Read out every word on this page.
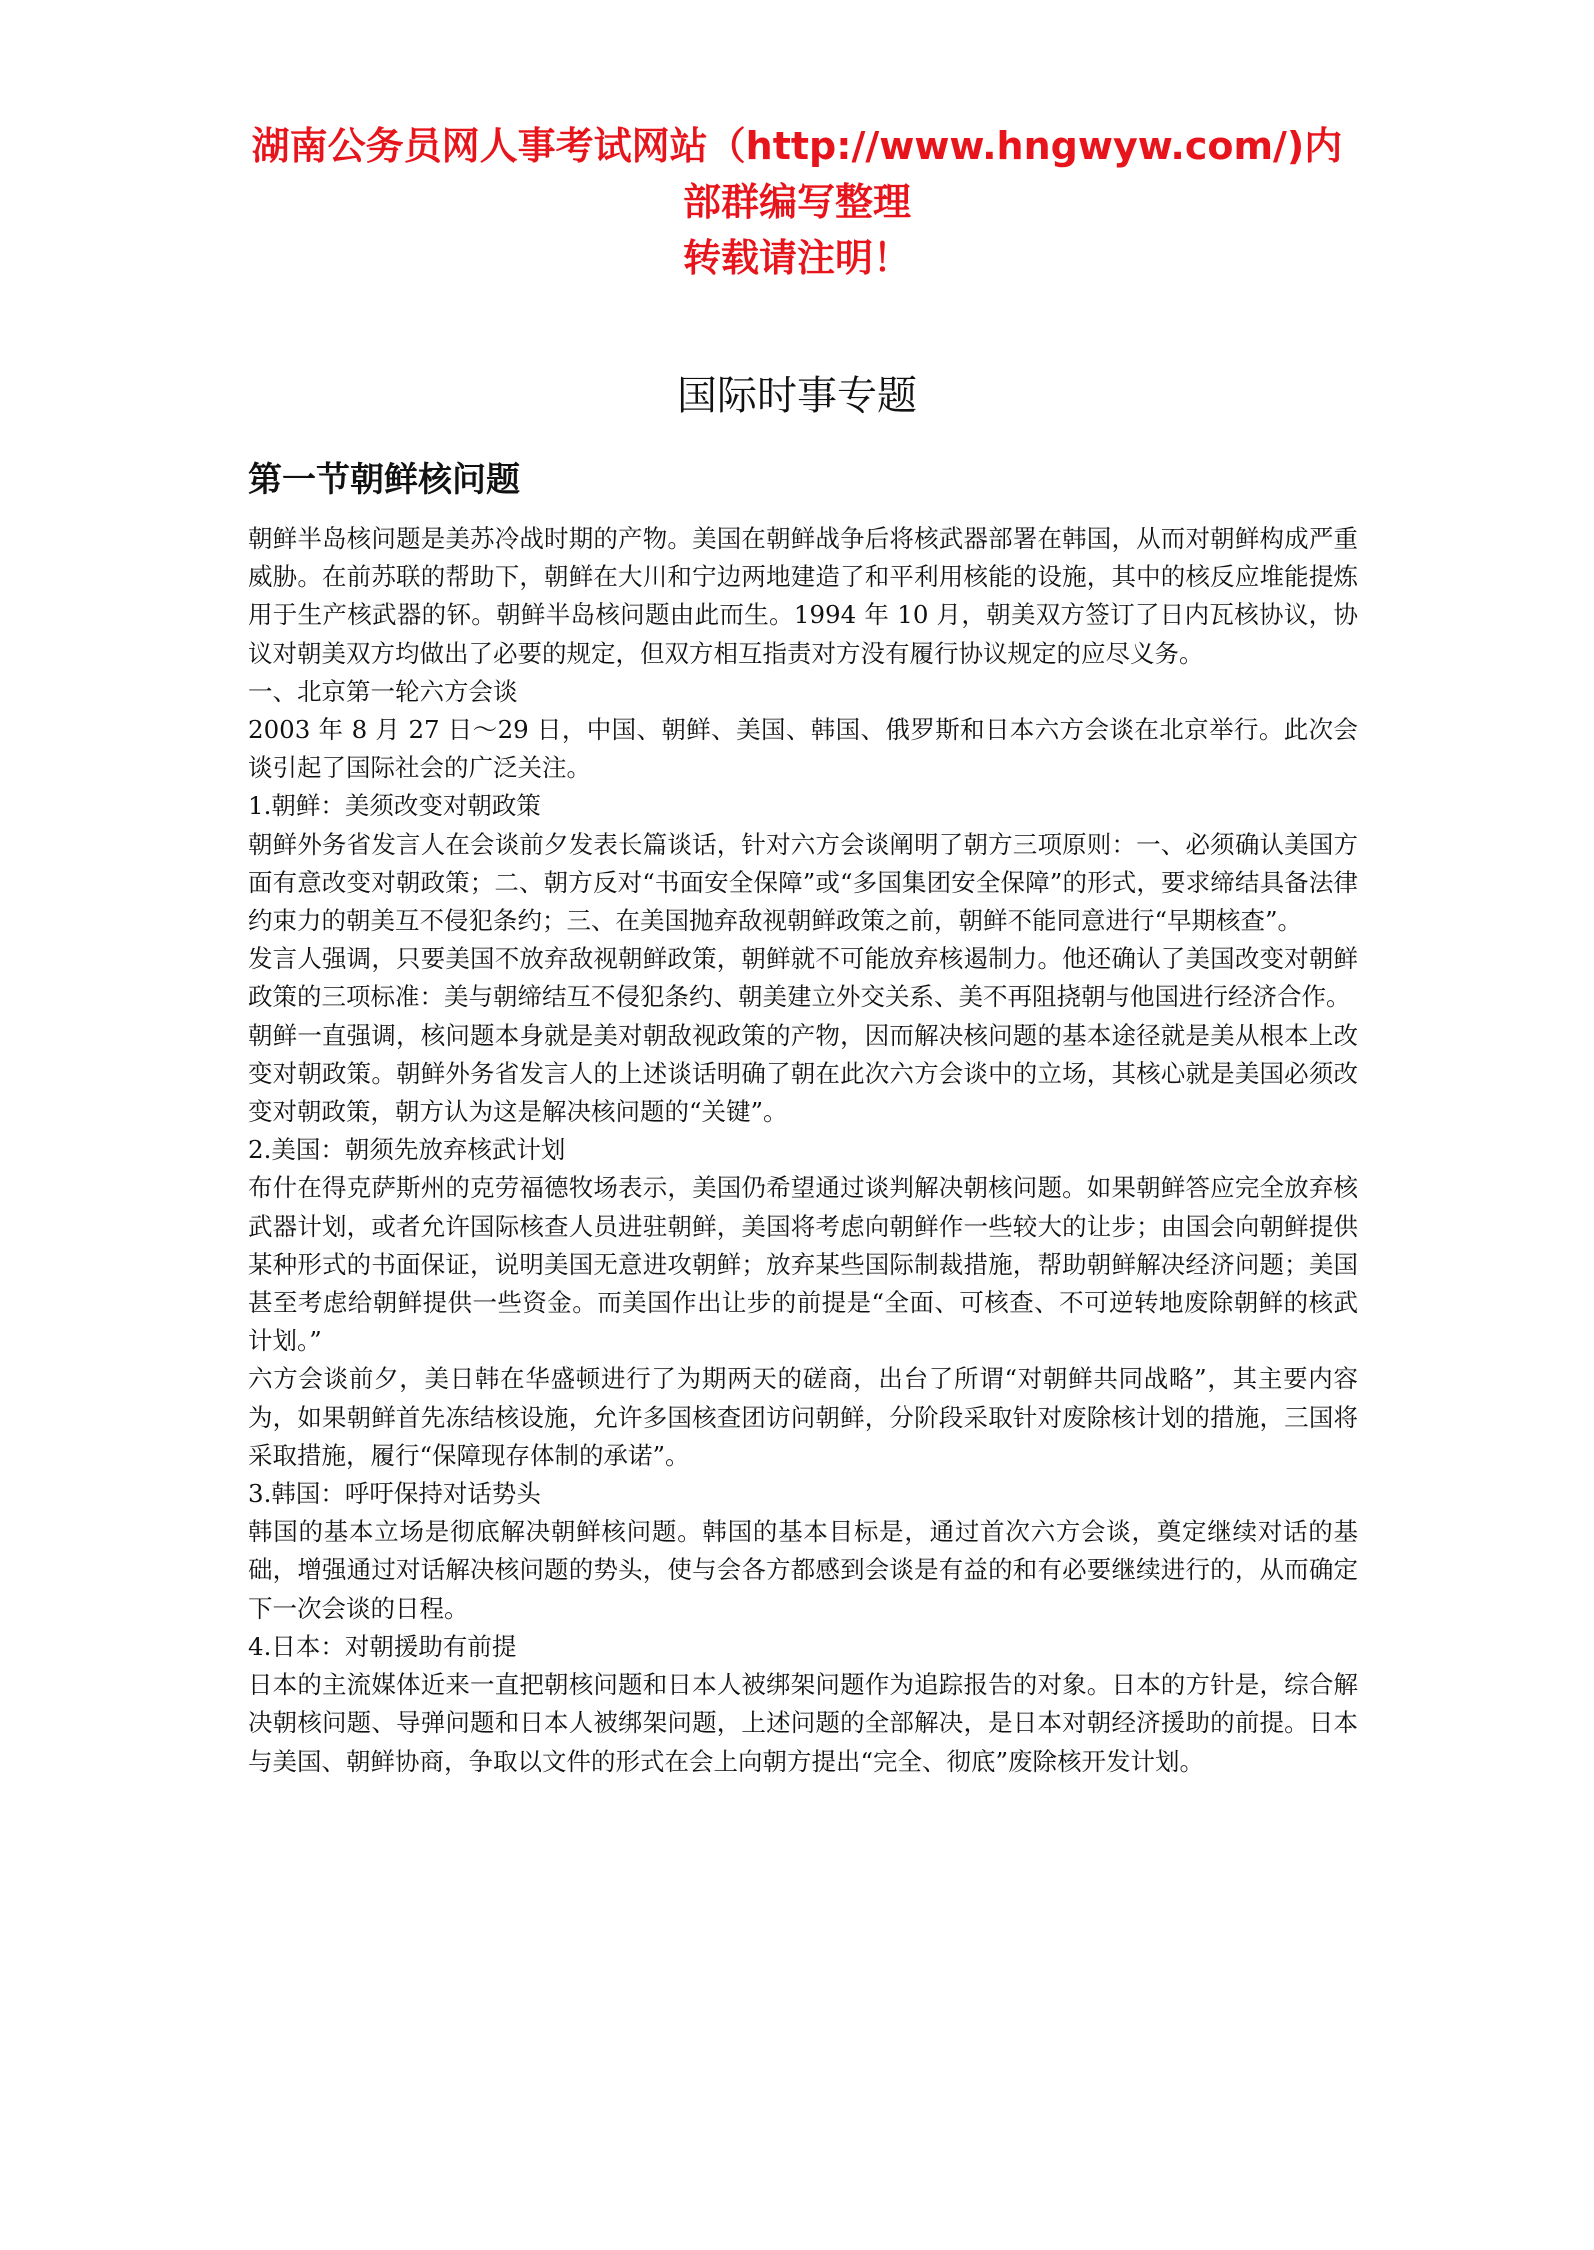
湖南公务员网人事考试网站（http://www.hngwyw.com/)内
部群编写整理
转载请注明！
国际时事专题
第一节朝鲜核问题

朝鲜半岛核问题是美苏冷战时期的产物。美国在朝鲜战争后将核武器部署在韩国，从而对朝鲜构成严重威胁。在前苏联的帮助下，朝鲜在大川和宁边两地建造了和平利用核能的设施，其中的核反应堆能提炼用于生产核武器的钚。朝鲜半岛核问题由此而生。1994 年 10 月，朝美双方签订了日内瓦核协议，协议对朝美双方均做出了必要的规定，但双方相互指责对方没有履行协议规定的应尽义务。

一、北京第一轮六方会谈

2003 年 8 月 27 日～29 日，中国、朝鲜、美国、韩国、俄罗斯和日本六方会谈在北京举行。此次会谈引起了国际社会的广泛关注。

1.朝鲜：美须改变对朝政策

朝鲜外务省发言人在会谈前夕发表长篇谈话，针对六方会谈阐明了朝方三项原则：一、必须确认美国方面有意改变对朝政策；二、朝方反对“书面安全保障”或“多国集团安全保障”的形式，要求缔结具备法律约束力的朝美互不侵犯条约；三、在美国抛弃敌视朝鲜政策之前，朝鲜不能同意进行“早期核查”。

发言人强调，只要美国不放弃敌视朝鲜政策，朝鲜就不可能放弃核遏制力。他还确认了美国改变对朝鲜政策的三项标准：美与朝缔结互不侵犯条约、朝美建立外交关系、美不再阻挠朝与他国进行经济合作。

朝鲜一直强调，核问题本身就是美对朝敌视政策的产物，因而解决核问题的基本途径就是美从根本上改变对朝政策。朝鲜外务省发言人的上述谈话明确了朝在此次六方会谈中的立场，其核心就是美国必须改变对朝政策，朝方认为这是解决核问题的“关键”。

2.美国：朝须先放弃核武计划

布什在得克萨斯州的克劳福德牧场表示，美国仍希望通过谈判解决朝核问题。如果朝鲜答应完全放弃核武器计划，或者允许国际核查人员进驻朝鲜，美国将考虑向朝鲜作一些较大的让步；由国会向朝鲜提供某种形式的书面保证，说明美国无意进攻朝鲜；放弃某些国际制裁措施，帮助朝鲜解决经济问题；美国甚至考虑给朝鲜提供一些资金。而美国作出让步的前提是“全面、可核查、不可逆转地废除朝鲜的核武计划。”

六方会谈前夕，美日韩在华盛顿进行了为期两天的磋商，出台了所谓“对朝鲜共同战略”，其主要内容为，如果朝鲜首先冻结核设施，允许多国核查团访问朝鲜，分阶段采取针对废除核计划的措施，三国将采取措施，履行“保障现存体制的承诺”。

3.韩国：呼吁保持对话势头

韩国的基本立场是彻底解决朝鲜核问题。韩国的基本目标是，通过首次六方会谈，奠定继续对话的基础，增强通过对话解决核问题的势头，使与会各方都感到会谈是有益的和有必要继续进行的，从而确定下一次会谈的日程。

4.日本：对朝援助有前提

日本的主流媒体近来一直把朝核问题和日本人被绑架问题作为追踪报告的对象。日本的方针是，综合解决朝核问题、导弹问题和日本人被绑架问题，上述问题的全部解决，是日本对朝经济援助的前提。日本与美国、朝鲜协商，争取以文件的形式在会上向朝方提出“完全、彻底”废除核开发计划。
